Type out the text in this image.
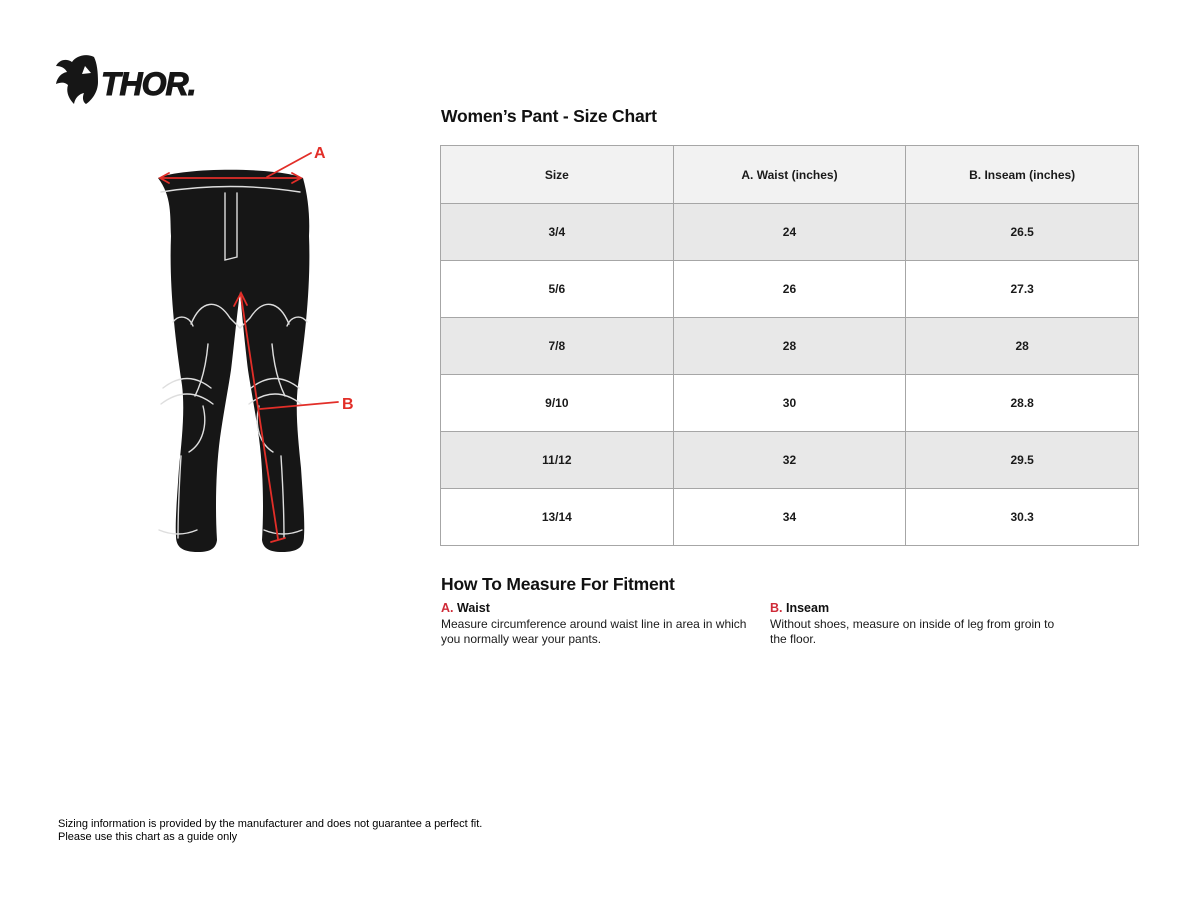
THOR.
A
B
Women’s Pant - Size Chart
Size	A. Waist (inches)	B. Inseam (inches)
3/4	24	26.5
5/6	26	27.3
7/8	28	28
9/10	30	28.8
11/12	32	29.5
13/14	34	30.3
How To Measure For Fitment
A. Waist
Measure circumference around waist line in area in which
you normally wear your pants.
B. Inseam
Without shoes, measure on inside of leg from groin to
the floor.
Sizing information is provided by the manufacturer and does not guarantee a perfect fit.
Please use this chart as a guide only
